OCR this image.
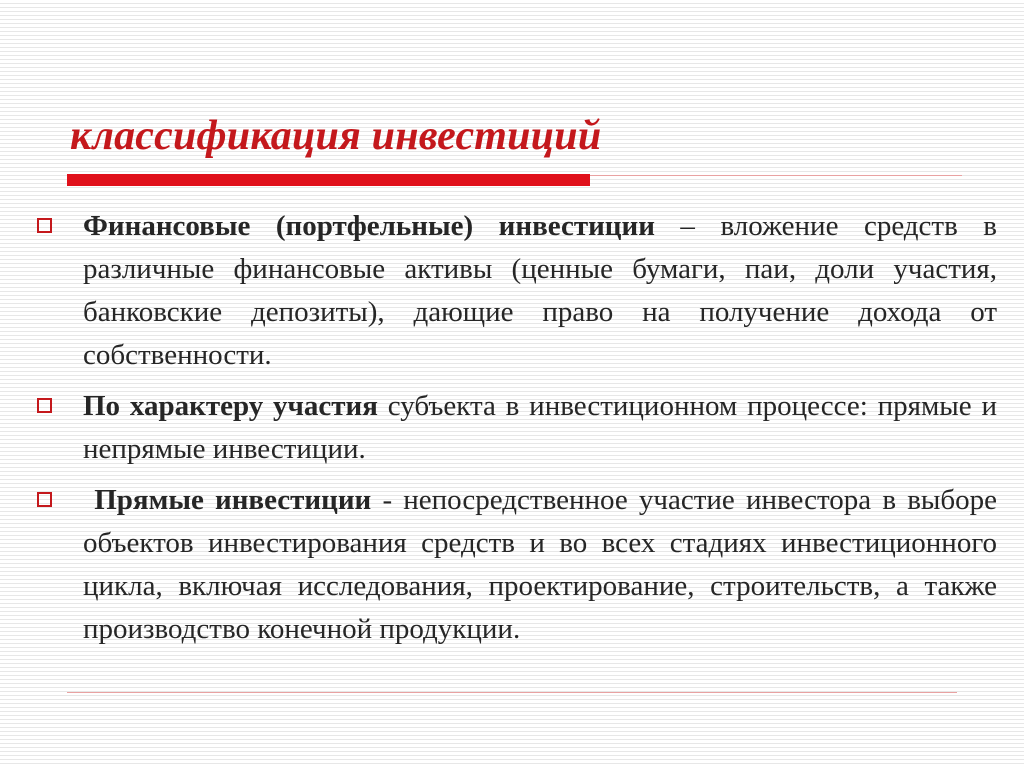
классификация инвестиций
Финансовые (портфельные) инвестиции – вложение средств в различные финансовые активы (ценные бумаги, паи, доли участия, банковские депозиты), дающие право на получение дохода от собственности.
По характеру участия субъекта в инвестиционном процессе: прямые и непрямые инвестиции.
Прямые инвестиции - непосредственное участие инвестора в выборе объектов инвестирования средств и во всех стадиях инвестиционного цикла, включая исследования, проектирование, строительств, а также производство конечной продукции.
